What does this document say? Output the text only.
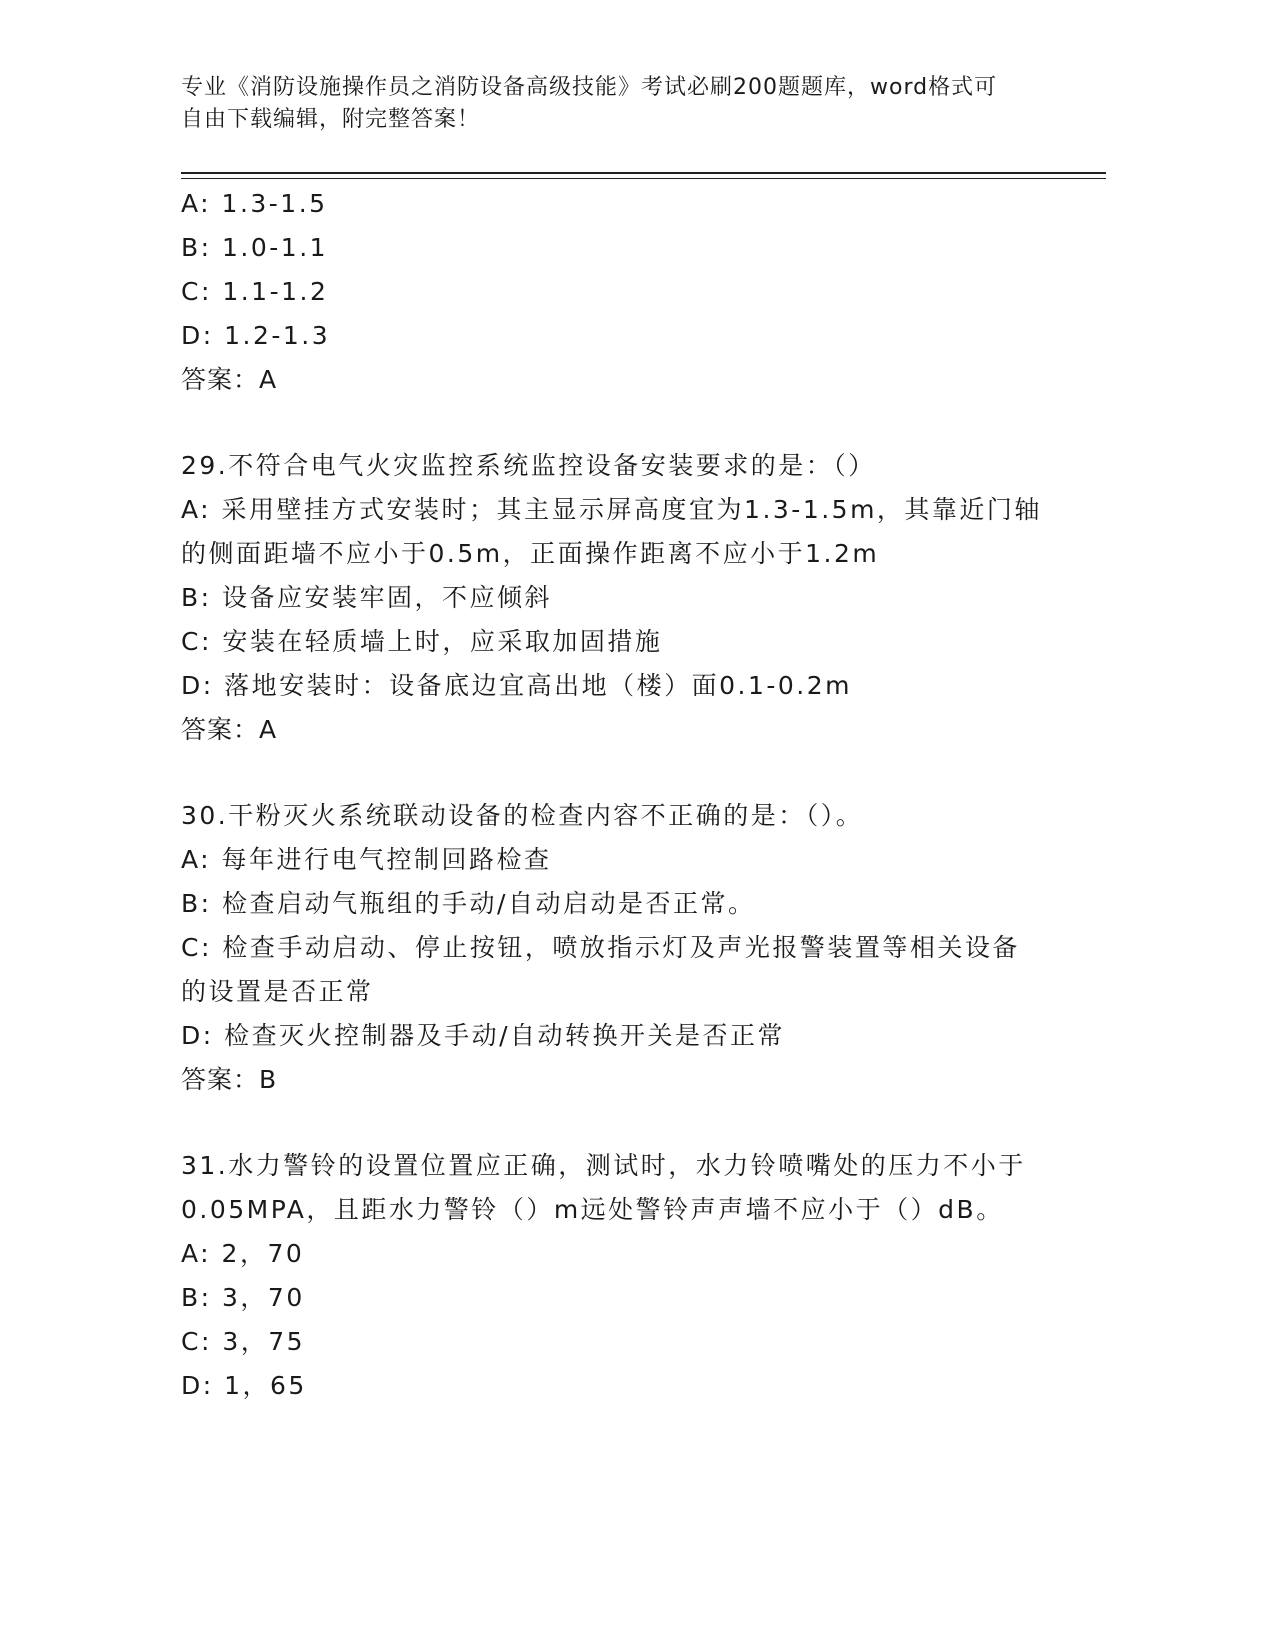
专业《消防设施操作员之消防设备高级技能》考试必刷200题题库，word格式可
自由下载编辑，附完整答案！
A: 1.3-1.5
B: 1.0-1.1
C: 1.1-1.2
D: 1.2-1.3
答案：A
29.不符合电气火灾监控系统监控设备安装要求的是：（）
A: 采用壁挂方式安装时；其主显示屏高度宜为1.3-1.5m，其靠近门轴
的侧面距墙不应小于0.5m，正面操作距离不应小于1.2m
B: 设备应安装牢固，不应倾斜
C: 安装在轻质墙上时，应采取加固措施
D: 落地安装时：设备底边宜高出地（楼）面0.1-0.2m
答案：A
30.干粉灭火系统联动设备的检查内容不正确的是：（）。
A: 每年进行电气控制回路检查
B: 检查启动气瓶组的手动/自动启动是否正常。
C: 检查手动启动、停止按钮，喷放指示灯及声光报警装置等相关设备
的设置是否正常
D: 检查灭火控制器及手动/自动转换开关是否正常
答案：B
31.水力警铃的设置位置应正确，测试时，水力铃喷嘴处的压力不小于
0.05MPA，且距水力警铃（）m远处警铃声声墙不应小于（）dB。
A: 2，70
B: 3，70
C: 3，75
D: 1，65
